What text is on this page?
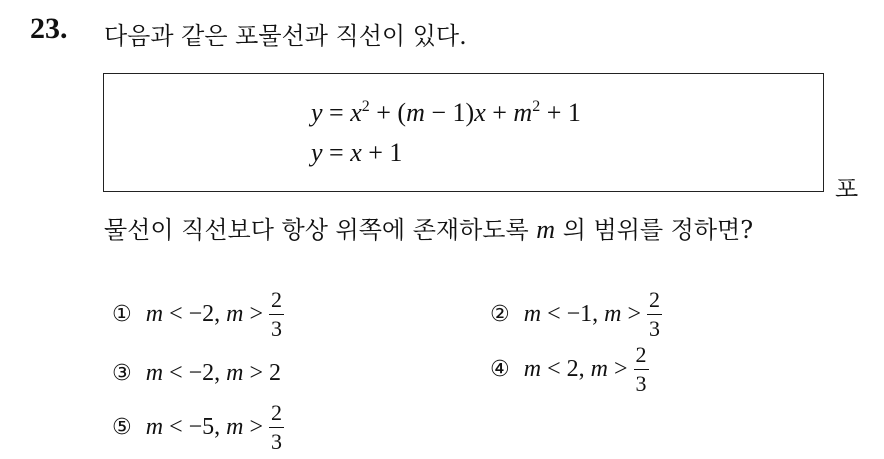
23. 다음과 같은 포물선과 직선이 있다.
$y = x^2 + (m - 1)x + m^2 + 1$
y = x + 1
포
물선이 직선보다 항상 위쪽에 존재하도록 m 의 범위를 정하면?
① m < −2, $m > \frac{2}{3}$	② m < −1, $m > \frac{2}{3}$
③ m < −2, m > 2	④ m < 2, $m > \frac{2}{3}$
⑤ m < −5, $m > \frac{2}{3}$
